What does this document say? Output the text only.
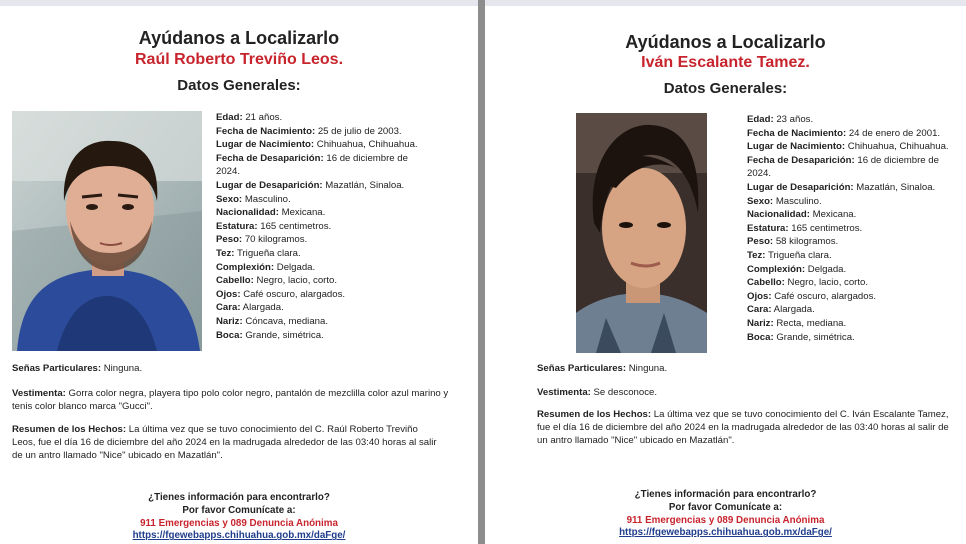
Ayúdanos a Localizarlo
Raúl Roberto Treviño Leos.
Datos Generales:
Edad: 21 años.
Fecha de Nacimiento: 25 de julio de 2003.
Lugar de Nacimiento: Chihuahua, Chihuahua.
Fecha de Desaparición: 16 de diciembre de 2024.
Lugar de Desaparición: Mazatlán, Sinaloa.
Sexo: Masculino.
Nacionalidad: Mexicana.
Estatura: 165 centimetros.
Peso: 70 kilogramos.
Tez: Trigueña clara.
Complexión: Delgada.
Cabello: Negro, lacio, corto.
Ojos: Café oscuro, alargados.
Cara: Alargada.
Nariz: Cóncava, mediana.
Boca: Grande, simétrica.
Señas Particulares: Ninguna.
Vestimenta: Gorra color negra, playera tipo polo color negro, pantalón de mezclilla color azul marino y tenis color blanco marca "Gucci".
Resumen de los Hechos: La última vez que se tuvo conocimiento del C. Raúl Roberto Treviño Leos, fue el día 16 de diciembre del año 2024 en la madrugada alrededor de las 03:40 horas al salir de un antro llamado "Nice" ubicado en Mazatlán".
¿Tienes información para encontrarlo?
Por favor Comunícate a:
911 Emergencias y 089 Denuncia Anónima
https://fgewebapps.chihuahua.gob.mx/daFge/
Ayúdanos a Localizarlo
Iván Escalante Tamez.
Datos Generales:
Edad: 23 años.
Fecha de Nacimiento: 24 de enero de 2001.
Lugar de Nacimiento: Chihuahua, Chihuahua.
Fecha de Desaparición: 16 de diciembre de 2024.
Lugar de Desaparición: Mazatlán, Sinaloa.
Sexo: Masculino.
Nacionalidad: Mexicana.
Estatura: 165 centimetros.
Peso: 58 kilogramos.
Tez: Trigueña clara.
Complexión: Delgada.
Cabello: Negro, lacio, corto.
Ojos: Café oscuro, alargados.
Cara: Alargada.
Nariz: Recta, mediana.
Boca: Grande, simétrica.
Señas Particulares: Ninguna.
Vestimenta: Se desconoce.
Resumen de los Hechos: La última vez que se tuvo conocimiento del C. Iván Escalante Tamez, fue el día 16 de diciembre del año 2024 en la madrugada alrededor de las 03:40 horas al salir de un antro llamado "Nice" ubicado en Mazatlán".
¿Tienes información para encontrarlo?
Por favor Comunícate a:
911 Emergencias y 089 Denuncia Anónima
https://fgewebapps.chihuahua.gob.mx/daFge/
